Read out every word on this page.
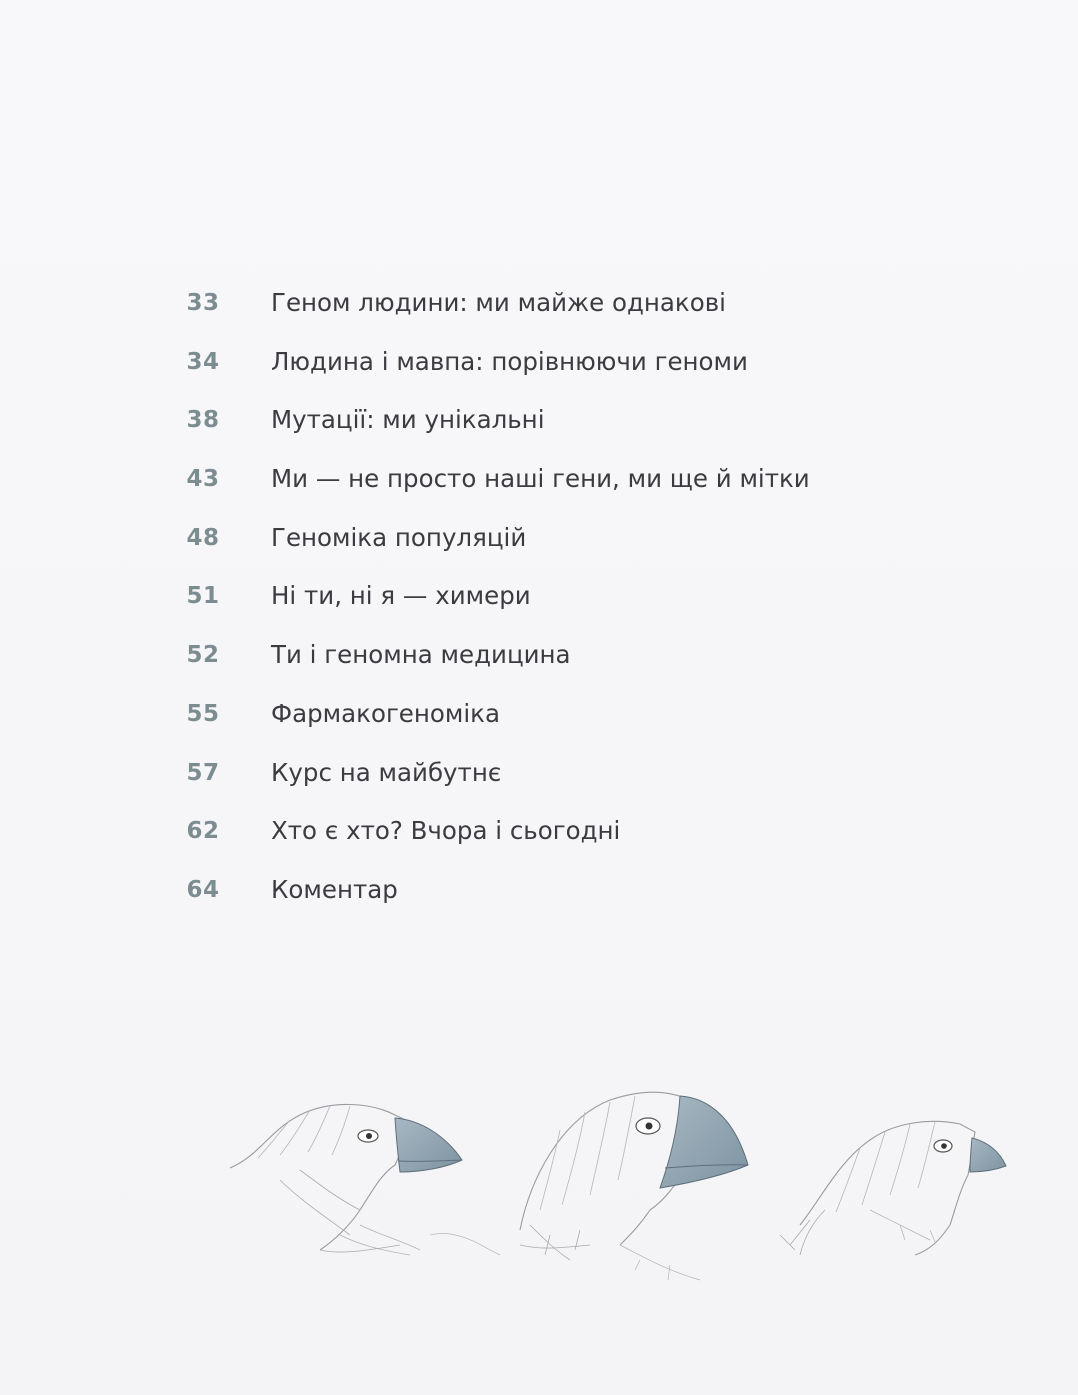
33	Геном людини: ми майже однакові
34	Людина і мавпа: порівнюючи геноми
38	Мутації: ми унікальні
43	Ми — не просто наші гени, ми ще й мітки
48	Геноміка популяцій
51	Ні ти, ні я — химери
52	Ти і геномна медицина
55	Фармакогеноміка
57	Курс на майбутнє
62	Хто є хто? Вчора і сьогодні
64	Коментар
